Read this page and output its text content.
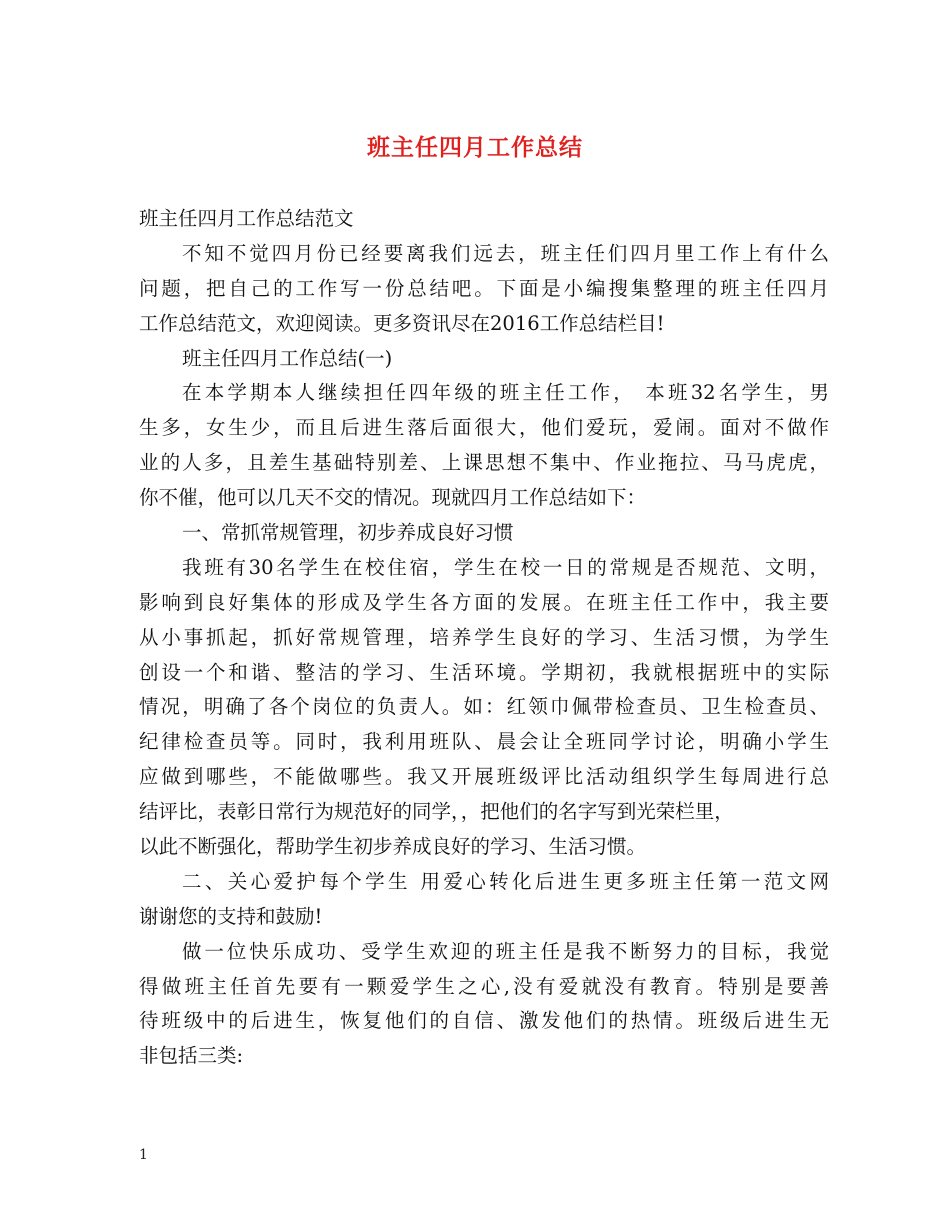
班主任四月工作总结
班主任四月工作总结范文
不知不觉四月份已经要离我们远去，班主任们四月里工作上有什么
问题，把自己的工作写一份总结吧。下面是小编搜集整理的班主任四月
工作总结范文，欢迎阅读。更多资讯尽在2016工作总结栏目!
班主任四月工作总结(一)
在本学期本人继续担任四年级的班主任工作， 本班32名学生，男
生多，女生少，而且后进生落后面很大，他们爱玩，爱闹。面对不做作
业的人多，且差生基础特别差、上课思想不集中、作业拖拉、马马虎虎，
你不催，他可以几天不交的情况。现就四月工作总结如下：
一、常抓常规管理，初步养成良好习惯
我班有30名学生在校住宿，学生在校一日的常规是否规范、文明，
影响到良好集体的形成及学生各方面的发展。在班主任工作中，我主要
从小事抓起，抓好常规管理，培养学生良好的学习、生活习惯，为学生
创设一个和谐、整洁的学习、生活环境。学期初，我就根据班中的实际
情况，明确了各个岗位的负责人。如：红领巾佩带检查员、卫生检查员、
纪律检查员等。同时，我利用班队、晨会让全班同学讨论，明确小学生
应做到哪些，不能做哪些。我又开展班级评比活动组织学生每周进行总
结评比，表彰日常行为规范好的同学，，把他们的名字写到光荣栏里，
以此不断强化，帮助学生初步养成良好的学习、生活习惯。
二、关心爱护每个学生 用爱心转化后进生更多班主任第一范文网
谢谢您的支持和鼓励!
做一位快乐成功、受学生欢迎的班主任是我不断努力的目标，我觉
得做班主任首先要有一颗爱学生之心,没有爱就没有教育。特别是要善
待班级中的后进生，恢复他们的自信、激发他们的热情。班级后进生无
非包括三类:
1
